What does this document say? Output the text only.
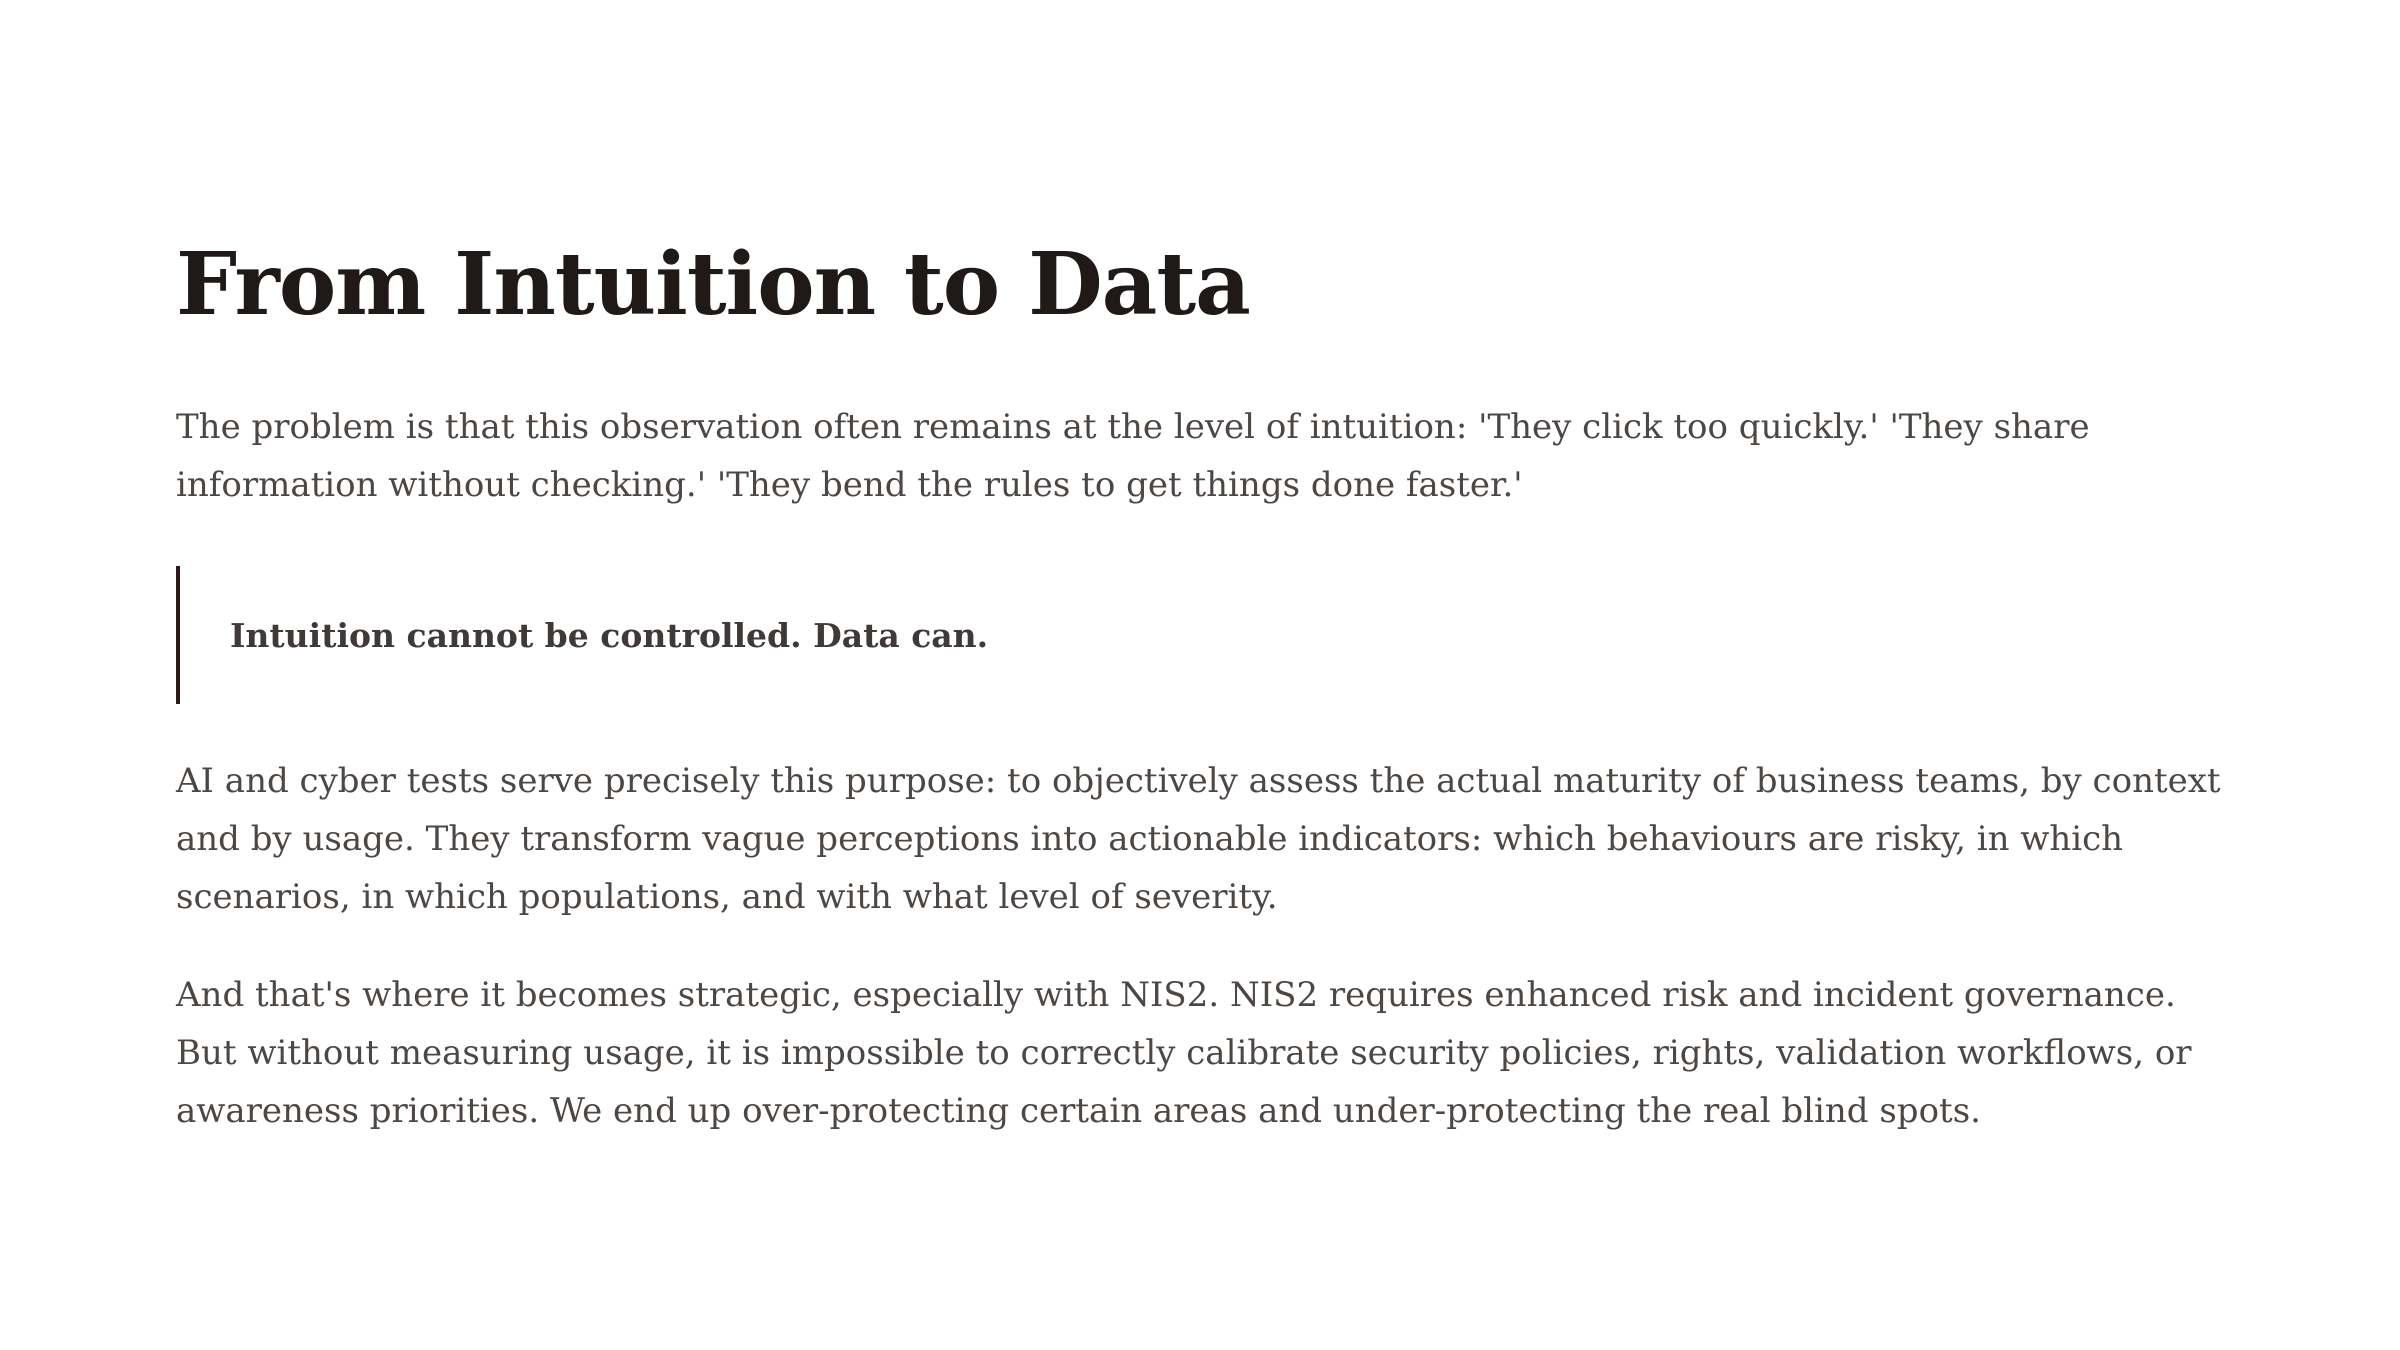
From Intuition to Data

The problem is that this observation often remains at the level of intuition: 'They click too quickly.' 'They share information without checking.' 'They bend the rules to get things done faster.'

Intuition cannot be controlled. Data can.

AI and cyber tests serve precisely this purpose: to objectively assess the actual maturity of business teams, by context and by usage. They transform vague perceptions into actionable indicators: which behaviours are risky, in which scenarios, in which populations, and with what level of severity.

And that's where it becomes strategic, especially with NIS2. NIS2 requires enhanced risk and incident governance. But without measuring usage, it is impossible to correctly calibrate security policies, rights, validation workflows, or awareness priorities. We end up over-protecting certain areas and under-protecting the real blind spots.
